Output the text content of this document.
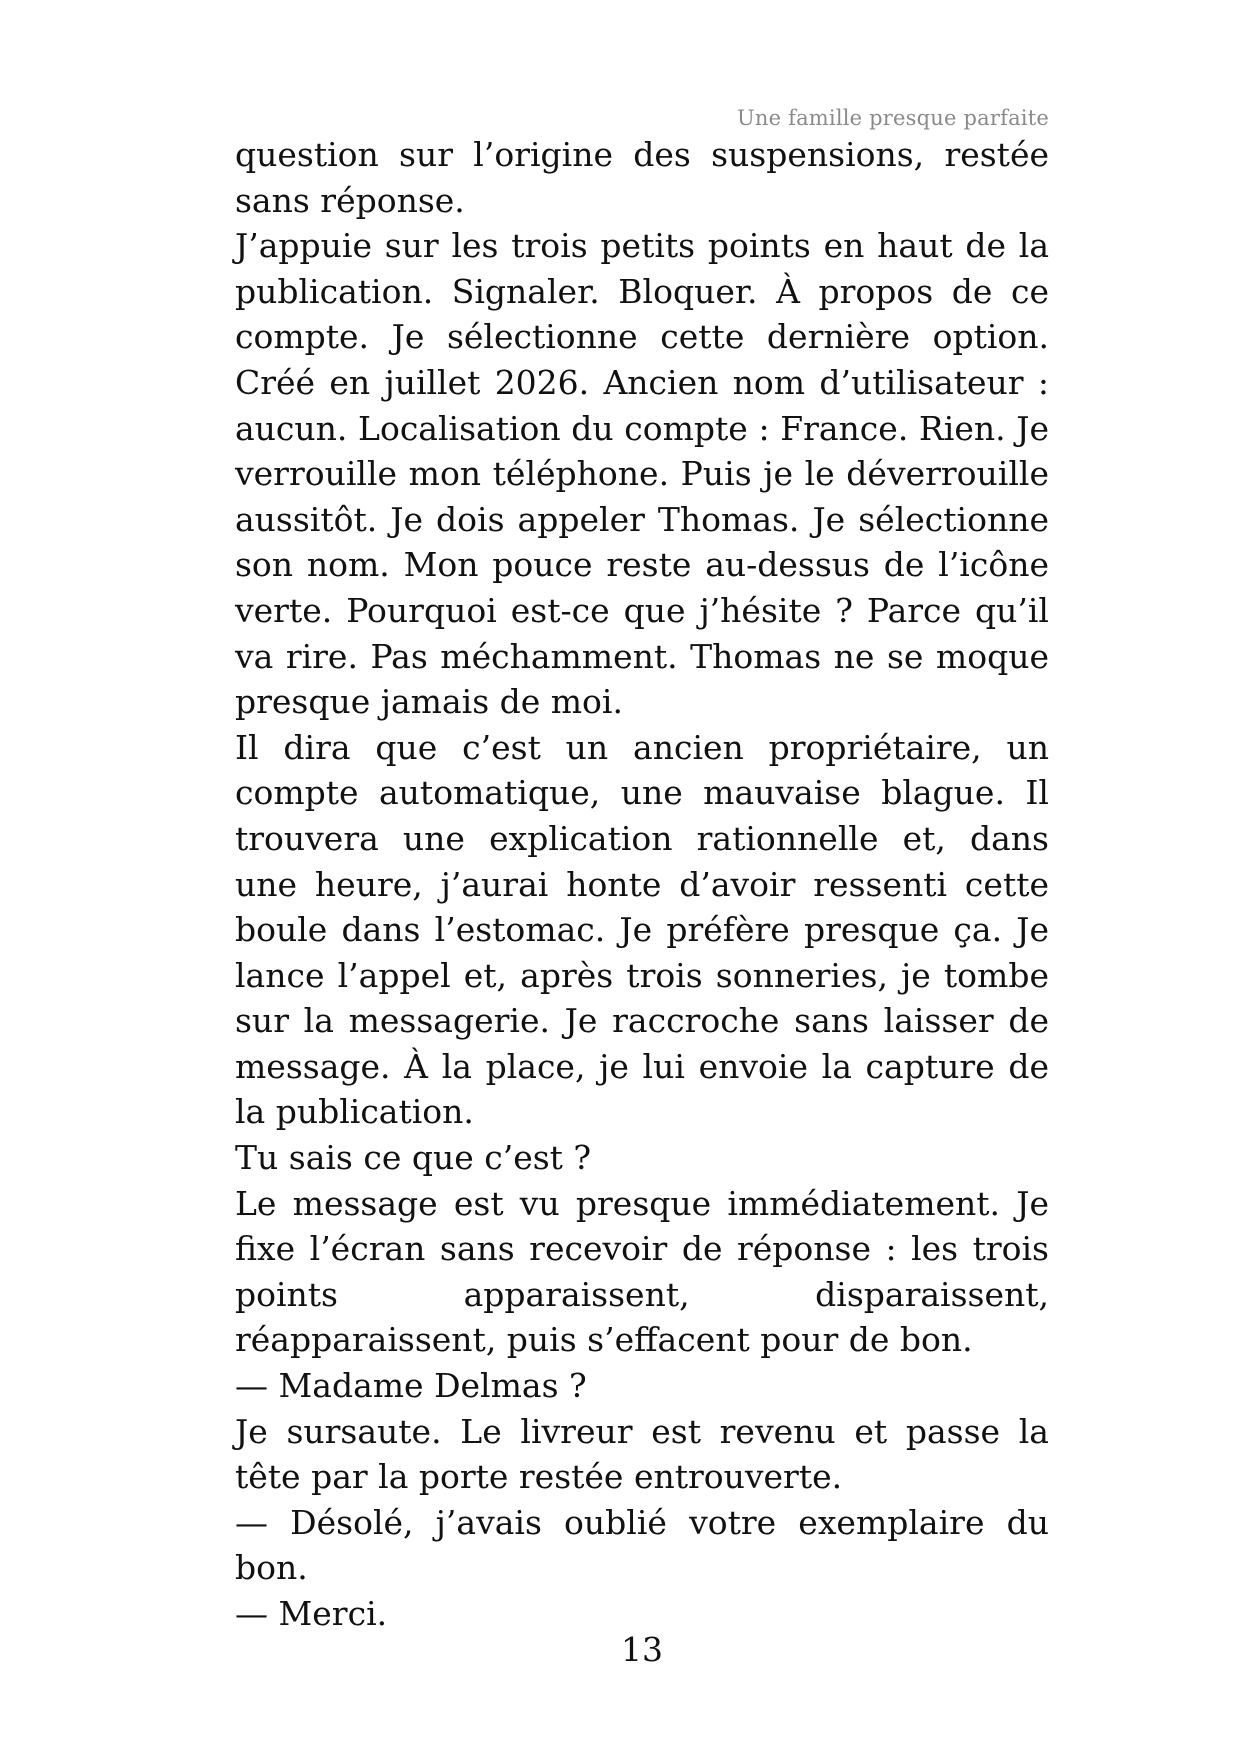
Une famille presque parfaite

question sur l’origine des suspensions, restée sans réponse.

J’appuie sur les trois petits points en haut de la publication. Signaler. Bloquer. À propos de ce compte. Je sélectionne cette dernière option. Créé en juillet 2026. Ancien nom d’utilisateur : aucun. Localisation du compte : France. Rien. Je verrouille mon téléphone. Puis je le déverrouille aussitôt. Je dois appeler Thomas. Je sélectionne son nom. Mon pouce reste au-dessus de l’icône verte. Pourquoi est-ce que j’hésite ? Parce qu’il va rire. Pas méchamment. Thomas ne se moque presque jamais de moi.

Il dira que c’est un ancien propriétaire, un compte automatique, une mauvaise blague. Il trouvera une explication rationnelle et, dans une heure, j’aurai honte d’avoir ressenti cette boule dans l’estomac. Je préfère presque ça. Je lance l’appel et, après trois sonneries, je tombe sur la messagerie. Je raccroche sans laisser de message. À la place, je lui envoie la capture de la publication.

Tu sais ce que c’est ?

Le message est vu presque immédiatement. Je fixe l’écran sans recevoir de réponse : les trois points apparaissent, disparaissent, réapparaissent, puis s’effacent pour de bon.

— Madame Delmas ?

Je sursaute. Le livreur est revenu et passe la tête par la porte restée entrouverte.

— Désolé, j’avais oublié votre exemplaire du bon.

— Merci.

13
